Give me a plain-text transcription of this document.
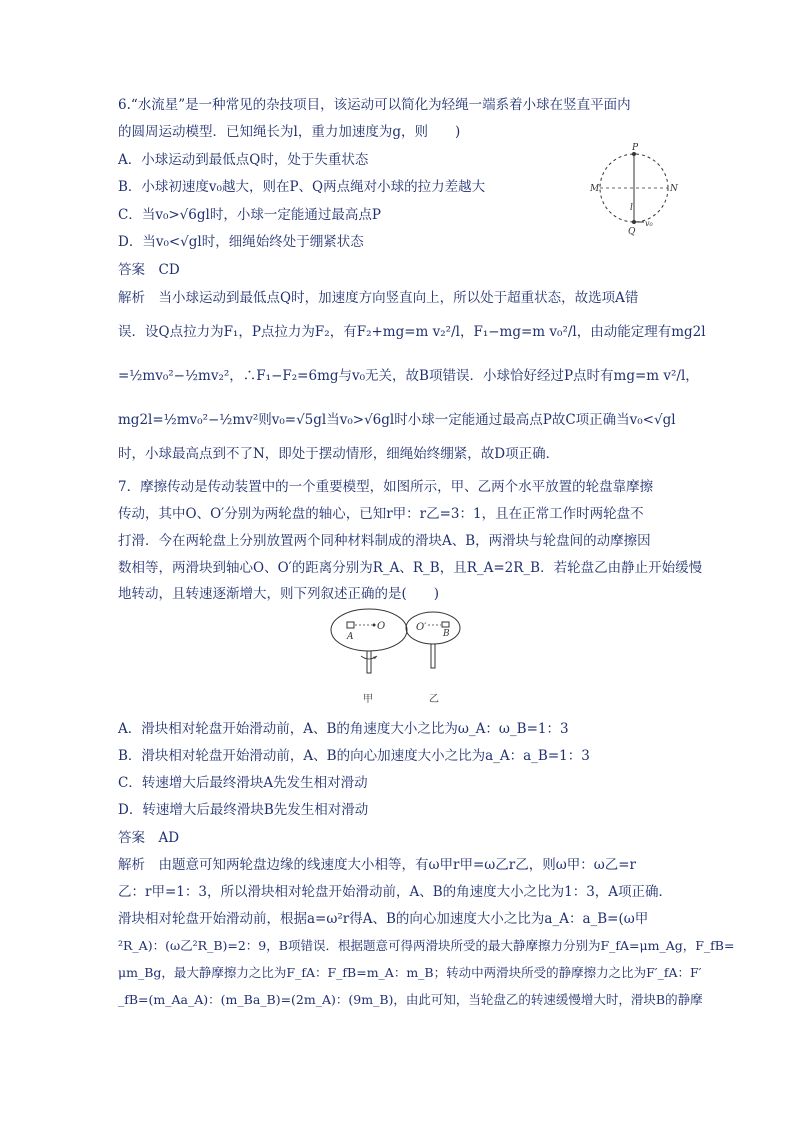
6.“水流星”是一种常见的杂技项目，该运动可以简化为轻绳一端系着小球在竖直平面内
的圆周运动模型．已知绳长为l，重力加速度为g，则　　)
A．小球运动到最低点Q时，处于失重状态
B．小球初速度v₀越大，则在P、Q两点绳对小球的拉力差越大
C．当v₀>√6gl时，小球一定能通过最高点P
D．当v₀<√gl时，细绳始终处于绷紧状态
答案　CD
解析　当小球运动到最低点Q时，加速度方向竖直向上，所以处于超重状态，故选项A错
误．设Q点拉力为F₁，P点拉力为F₂，有F₂+mg=m v₂²/l，F₁−mg=m v₀²/l，由动能定理有mg2l
=½mv₀²−½mv₂²，∴F₁−F₂=6mg与v₀无关，故B项错误．小球恰好经过P点时有mg=m v²/l，
mg2l=½mv₀²−½mv²则v₀=√5gl当v₀>√6gl时小球一定能通过最高点P故C项正确当v₀<√gl
时，小球最高点到不了N，即处于摆动情形，细绳始终绷紧，故D项正确．
P
M	N
l
Q
v₀
7．摩擦传动是传动装置中的一个重要模型，如图所示，甲、乙两个水平放置的轮盘靠摩擦
传动，其中O、O′分别为两轮盘的轴心，已知r甲：r乙=3：1，且在正常工作时两轮盘不
打滑．今在两轮盘上分别放置两个同种材料制成的滑块A、B，两滑块与轮盘间的动摩擦因
数相等，两滑块到轴心O、O′的距离分别为R_A、R_B，且R_A=2R_B．若轮盘乙由静止开始缓慢
地转动，且转速逐渐增大，则下列叙述正确的是(　　)
A
O	O′
B
甲	乙
A．滑块相对轮盘开始滑动前，A、B的角速度大小之比为ω_A：ω_B=1：3
B．滑块相对轮盘开始滑动前，A、B的向心加速度大小之比为a_A：a_B=1：3
C．转速增大后最终滑块A先发生相对滑动
D．转速增大后最终滑块B先发生相对滑动
答案　AD
解析　由题意可知两轮盘边缘的线速度大小相等，有ω甲r甲=ω乙r乙，则ω甲：ω乙=r
乙：r甲=1：3，所以滑块相对轮盘开始滑动前，A、B的角速度大小之比为1：3，A项正确．
滑块相对轮盘开始滑动前，根据a=ω²r得A、B的向心加速度大小之比为a_A：a_B=(ω甲
²R_A)：(ω乙²R_B)=2：9，B项错误．根据题意可得两滑块所受的最大静摩擦力分别为F_fA=μm_Ag，F_fB=
μm_Bg，最大静摩擦力之比为F_fA：F_fB=m_A：m_B；转动中两滑块所受的静摩擦力之比为F′_fA：F′
_fB=(m_Aa_A)：(m_Ba_B)=(2m_A)：(9m_B)，由此可知，当轮盘乙的转速缓慢增大时，滑块B的静摩
